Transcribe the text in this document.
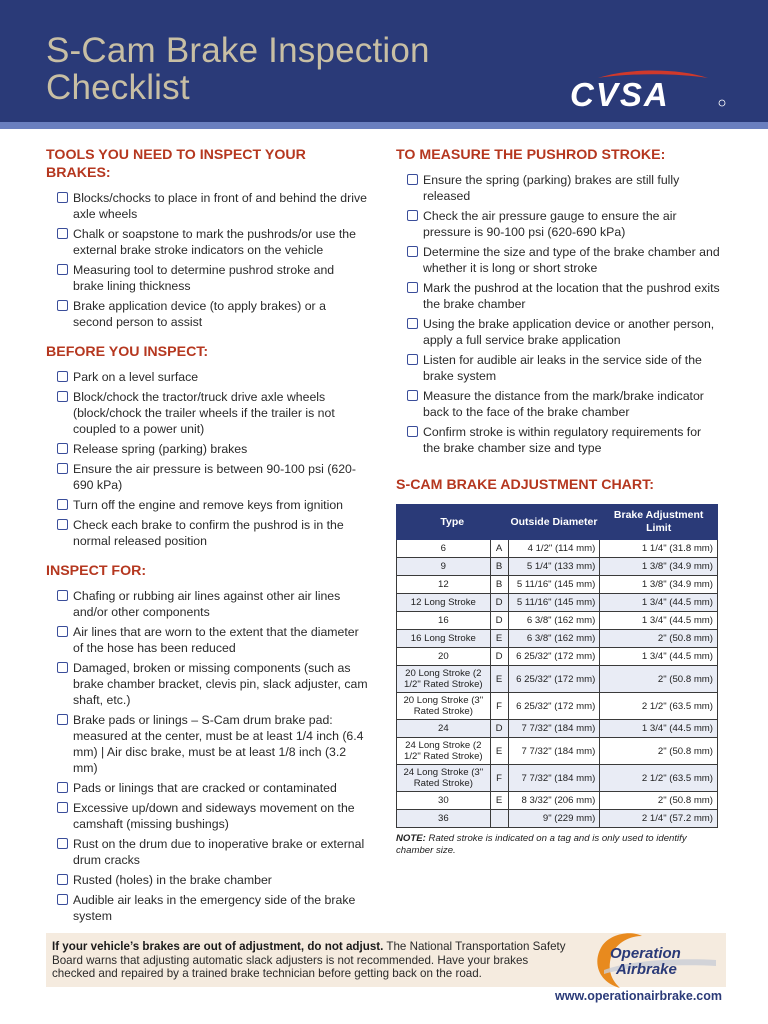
S-Cam Brake Inspection
Checklist	CVSA
TOOLS YOU NEED TO INSPECT YOUR BRAKES:
Blocks/chocks to place in front of and behind the drive axle wheels
Chalk or soapstone to mark the pushrods/or use the external brake stroke indicators on the vehicle
Measuring tool to determine pushrod stroke and brake lining thickness
Brake application device (to apply brakes) or a second person to assist
BEFORE YOU INSPECT:
Park on a level surface
Block/chock the tractor/truck drive axle wheels (block/chock the trailer wheels if the trailer is not coupled to a power unit)
Release spring (parking) brakes
Ensure the air pressure is between 90-100 psi (620-690 kPa)
Turn off the engine and remove keys from ignition
Check each brake to confirm the pushrod is in the normal released position
INSPECT FOR:
Chafing or rubbing air lines against other air lines and/or other components
Air lines that are worn to the extent that the diameter of the hose has been reduced
Damaged, broken or missing components (such as brake chamber bracket, clevis pin, slack adjuster, cam shaft, etc.)
Brake pads or linings – S-Cam drum brake pad: measured at the center, must be at least 1/4 inch (6.4 mm) | Air disc brake, must be at least 1/8 inch (3.2 mm)
Pads or linings that are cracked or contaminated
Excessive up/down and sideways movement on the camshaft (missing bushings)
Rust on the drum due to inoperative brake or external drum cracks
Rusted (holes) in the brake chamber
Audible air leaks in the emergency side of the brake system
TO MEASURE THE PUSHROD STROKE:
Ensure the spring (parking) brakes are still fully released
Check the air pressure gauge to ensure the air pressure is 90-100 psi (620-690 kPa)
Determine the size and type of the brake chamber and whether it is long or short stroke
Mark the pushrod at the location that the pushrod exits the brake chamber
Using the brake application device or another person, apply a full service brake application
Listen for audible air leaks in the service side of the brake system
Measure the distance from the mark/brake indicator back to the face of the brake chamber
Confirm stroke is within regulatory requirements for the brake chamber size and type
S-CAM BRAKE ADJUSTMENT CHART:
Type		Outside Diameter	Brake Adjustment Limit
6	A	4 1/2" (114 mm)	1 1/4" (31.8 mm)
9	B	5 1/4" (133 mm)	1 3/8" (34.9 mm)
12	B	5 11/16" (145 mm)	1 3/8" (34.9 mm)
12 Long Stroke	D	5 11/16" (145 mm)	1 3/4" (44.5 mm)
16	D	6 3/8" (162 mm)	1 3/4" (44.5 mm)
16 Long Stroke	E	6 3/8" (162 mm)	2" (50.8 mm)
20	D	6 25/32" (172 mm)	1 3/4" (44.5 mm)
20 Long Stroke (2 1/2" Rated Stroke)	E	6 25/32" (172 mm)	2" (50.8 mm)
20 Long Stroke (3" Rated Stroke)	F	6 25/32" (172 mm)	2 1/2" (63.5 mm)
24	D	7 7/32" (184 mm)	1 3/4" (44.5 mm)
24 Long Stroke (2 1/2" Rated Stroke)	E	7 7/32" (184 mm)	2" (50.8 mm)
24 Long Stroke (3" Rated Stroke)	F	7 7/32" (184 mm)	2 1/2" (63.5 mm)
30	E	8 3/32" (206 mm)	2" (50.8 mm)
36		9" (229 mm)	2 1/4" (57.2 mm)

NOTE: Rated stroke is indicated on a tag and is only used to identify chamber size.

If your vehicle’s brakes are out of adjustment, do not adjust. The National Transportation Safety Board warns that adjusting automatic slack adjusters is not recommended. Have your brakes checked and repaired by a trained brake technician before getting back on the road.

Operation
Airbrake
www.operationairbrake.com
